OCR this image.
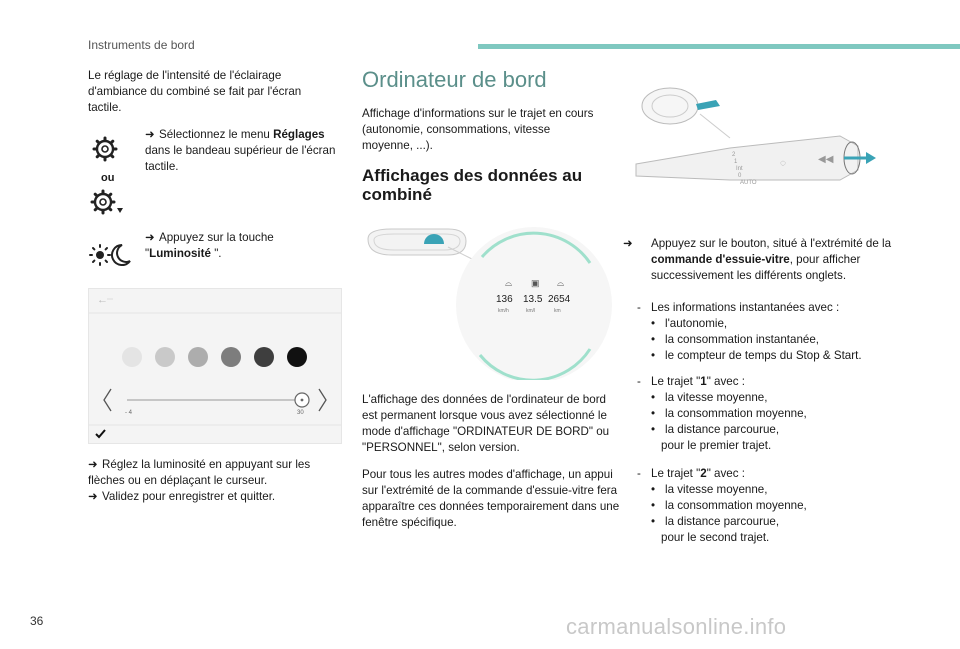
Instruments de bord
Le réglage de l'intensité de l'éclairage d'ambiance du combiné se fait par l'écran tactile.
ou
➜ Sélectionnez le menu Réglages dans le bandeau supérieur de l'écran tactile.
➜ Appuyez sur la touche "Luminosité ".
←
- 4	30
➜ Réglez la luminosité en appuyant sur les flèches ou en déplaçant le curseur.
➜ Validez pour enregistrer et quitter.
Ordinateur de bord
Affichage d'informations sur le trajet en cours (autonomie, consommations, vitesse moyenne, ...).
Affichages des données au
combiné
⌓ ▣ ⌓
136 13.5 2654
km/h	km/l	km
L'affichage des données de l'ordinateur de bord est permanent lorsque vous avez sélectionné le mode d'affichage "ORDINATEUR DE BORD" ou "PERSONNEL", selon version.
Pour tous les autres modes d'affichage, un appui sur l'extrémité de la commande d'essuie-vitre fera apparaître ces données temporairement dans une fenêtre spécifique.
2
1
Int
0
AUTO
◌	◀◀
➜ Appuyez sur le bouton, situé à l'extrémité de la commande d'essuie-vitre, pour afficher successivement les différents onglets.
- Les informations instantanées avec :
• l'autonomie,
• la consommation instantanée,
• le compteur de temps du Stop & Start.
- Le trajet "1" avec :
• la vitesse moyenne,
• la consommation moyenne,
• la distance parcourue,
pour le premier trajet.
- Le trajet "2" avec :
• la vitesse moyenne,
• la consommation moyenne,
• la distance parcourue,
pour le second trajet.
36	carmanualsonline.info
